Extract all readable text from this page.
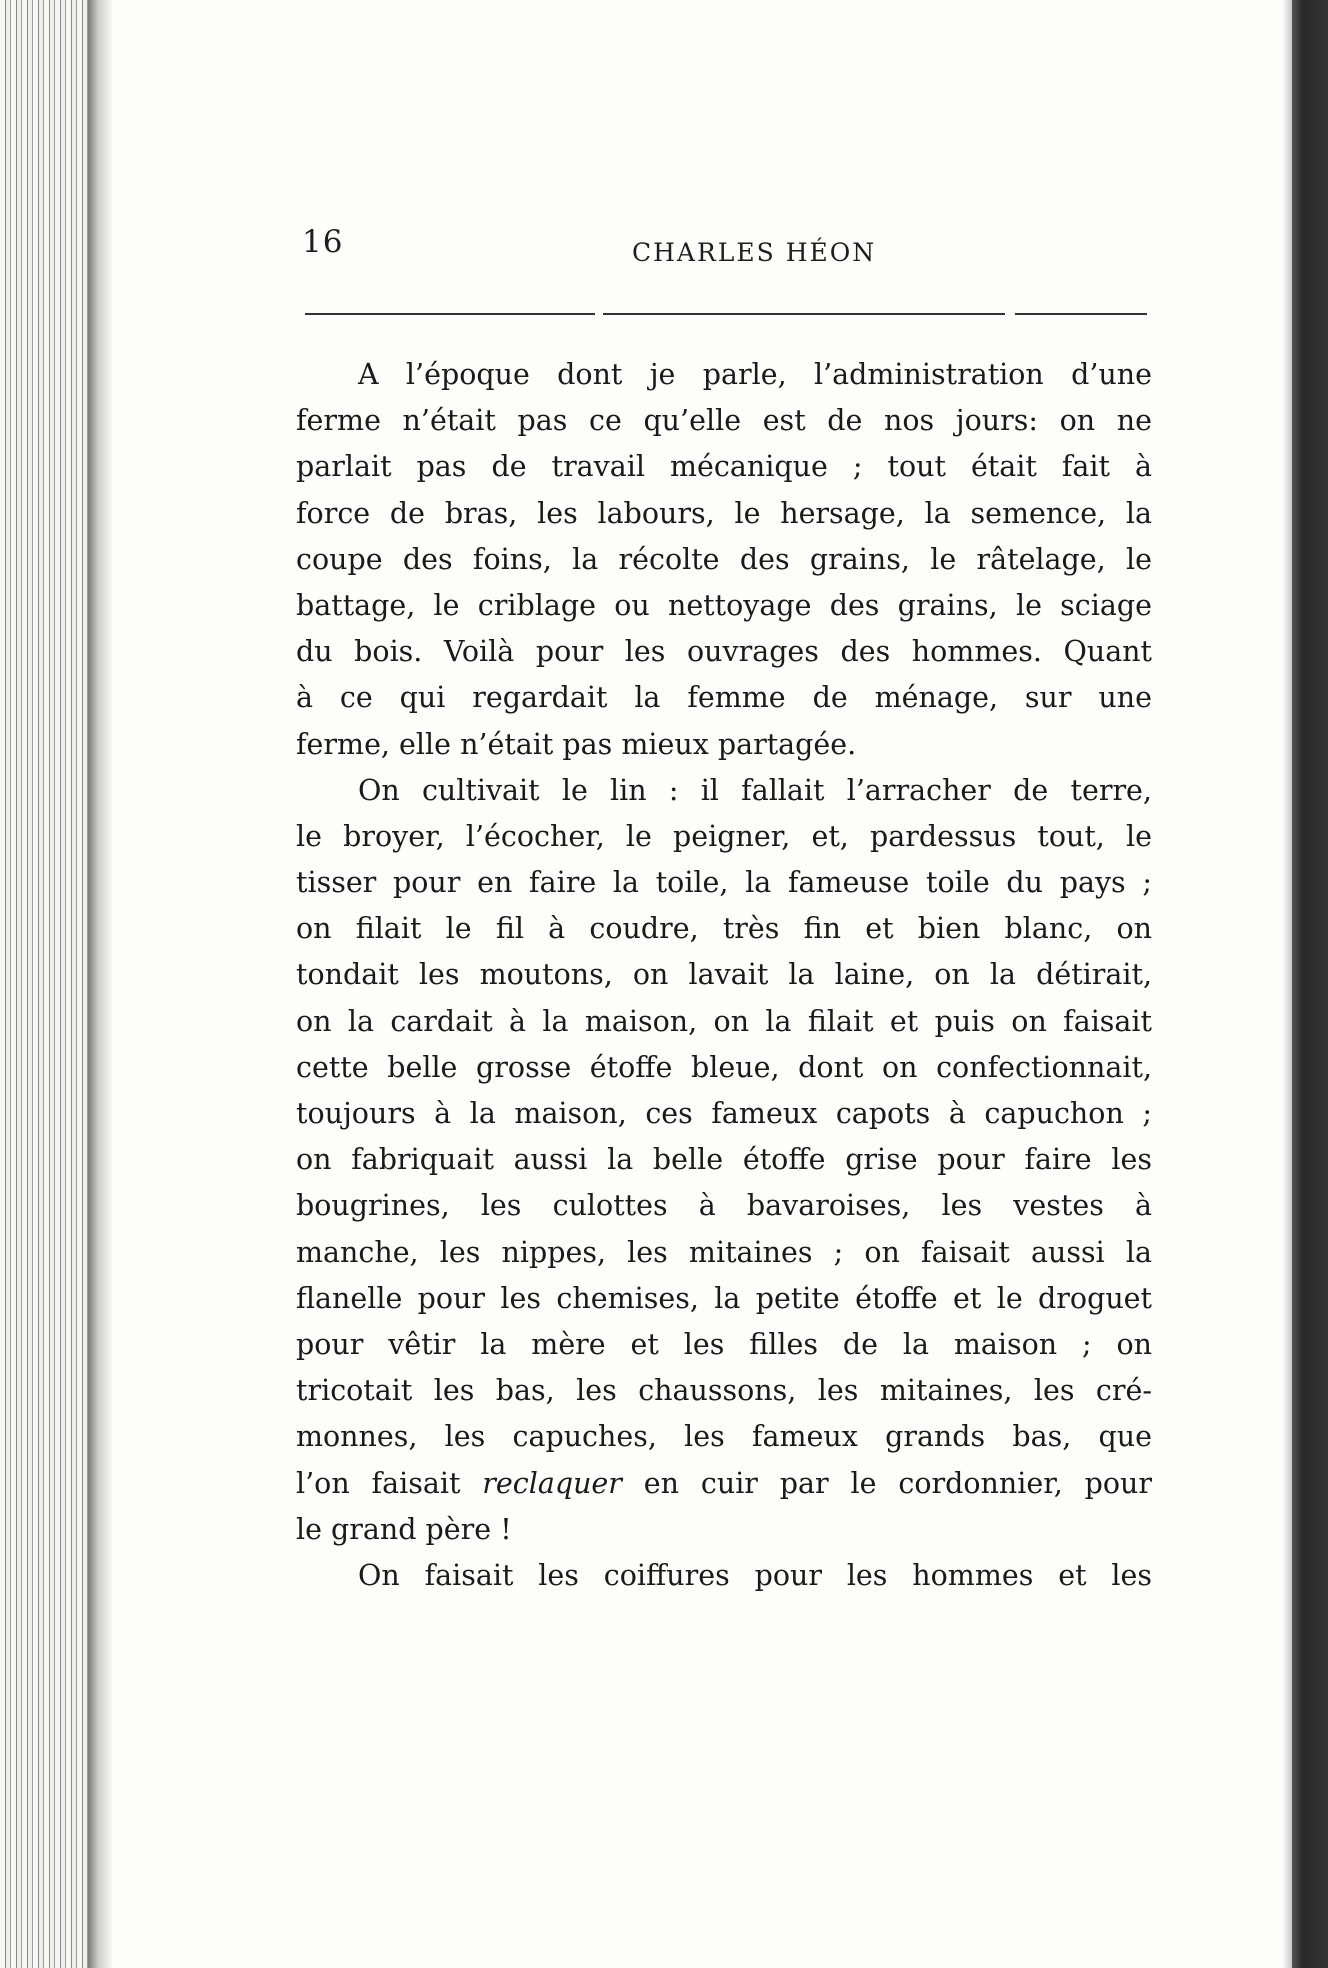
16	CHARLES HÉON
A l’époque dont je parle, l’administration d’une
ferme n’était pas ce qu’elle est de nos jours: on ne
parlait pas de travail mécanique ; tout était fait à
force de bras, les labours, le hersage, la semence, la
coupe des foins, la récolte des grains, le râtelage, le
battage, le criblage ou nettoyage des grains, le sciage
du bois. Voilà pour les ouvrages des hommes. Quant
à ce qui regardait la femme de ménage, sur une
ferme, elle n’était pas mieux partagée.
On cultivait le lin : il fallait l’arracher de terre,
le broyer, l’écocher, le peigner, et, pardessus tout, le
tisser pour en faire la toile, la fameuse toile du pays ;
on filait le fil à coudre, très fin et bien blanc, on
tondait les moutons, on lavait la laine, on la détirait,
on la cardait à la maison, on la filait et puis on faisait
cette belle grosse étoffe bleue, dont on confectionnait,
toujours à la maison, ces fameux capots à capuchon ;
on fabriquait aussi la belle étoffe grise pour faire les
bougrines, les culottes à bavaroises, les vestes à
manche, les nippes, les mitaines ; on faisait aussi la
flanelle pour les chemises, la petite étoffe et le droguet
pour vêtir la mère et les filles de la maison ; on
tricotait les bas, les chaussons, les mitaines, les cré-
monnes, les capuches, les fameux grands bas, que
l’on faisait reclaquer en cuir par le cordonnier, pour
le grand père !
On faisait les coiffures pour les hommes et les
